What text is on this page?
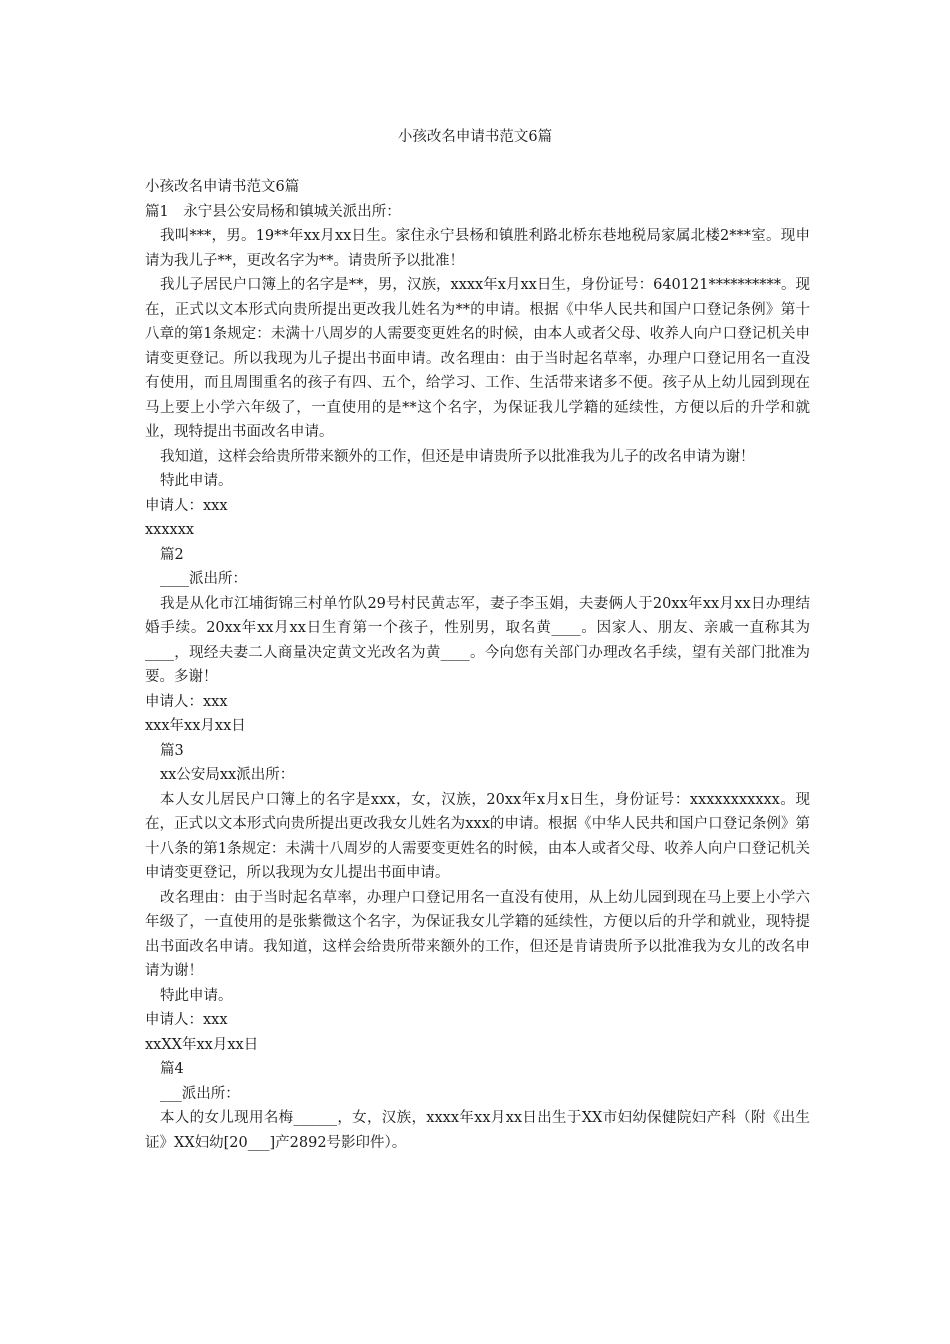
小孩改名申请书范文6篇

小孩改名申请书范文6篇

篇1　永宁县公安局杨和镇城关派出所：

我叫***，男。19**年xx月xx日生。家住永宁县杨和镇胜利路北桥东巷地税局家属北楼2***室。现申请为我儿子**，更改名字为**。请贵所予以批准！

我儿子居民户口簿上的名字是**，男，汉族，xxxx年x月xx日生，身份证号：640121**********。现在，正式以文本形式向贵所提出更改我儿姓名为**的申请。根据《中华人民共和国户口登记条例》第十八章的第1条规定：未满十八周岁的人需要变更姓名的时候，由本人或者父母、收养人向户口登记机关申请变更登记。所以我现为儿子提出书面申请。改名理由：由于当时起名草率，办理户口登记用名一直没有使用，而且周围重名的孩子有四、五个，给学习、工作、生活带来诸多不便。孩子从上幼儿园到现在马上要上小学六年级了，一直使用的是**这个名字，为保证我儿学籍的延续性，方便以后的升学和就业，现特提出书面改名申请。

我知道，这样会给贵所带来额外的工作，但还是申请贵所予以批准我为儿子的改名申请为谢！

特此申请。

申请人：xxx

xxxxxx

篇2

____派出所：

我是从化市江埔街锦三村单竹队29号村民黄志军，妻子李玉娟，夫妻俩人于20xx年xx月xx日办理结婚手续。20xx年xx月xx日生育第一个孩子，性别男，取名黄____。因家人、朋友、亲戚一直称其为____，现经夫妻二人商量决定黄文光改名为黄____。今向您有关部门办理改名手续，望有关部门批准为要。多谢！

申请人：xxx

xxx年xx月xx日

篇3

xx公安局xx派出所：

本人女儿居民户口簿上的名字是xxx，女，汉族，20xx年x月x日生，身份证号：xxxxxxxxxxx。现在，正式以文本形式向贵所提出更改我女儿姓名为xxx的申请。根据《中华人民共和国户口登记条例》第十八条的第1条规定：未满十八周岁的人需要变更姓名的时候，由本人或者父母、收养人向户口登记机关申请变更登记，所以我现为女儿提出书面申请。

改名理由：由于当时起名草率，办理户口登记用名一直没有使用，从上幼儿园到现在马上要上小学六年级了，一直使用的是张紫微这个名字，为保证我女儿学籍的延续性，方便以后的升学和就业，现特提出书面改名申请。我知道，这样会给贵所带来额外的工作，但还是肯请贵所予以批准我为女儿的改名申请为谢！

特此申请。

申请人：xxx

xxXX年xx月xx日

篇4

___派出所：

本人的女儿现用名梅______，女，汉族，xxxx年xx月xx日出生于XX市妇幼保健院妇产科（附《出生证》XX妇幼[20___]产2892号影印件）。
